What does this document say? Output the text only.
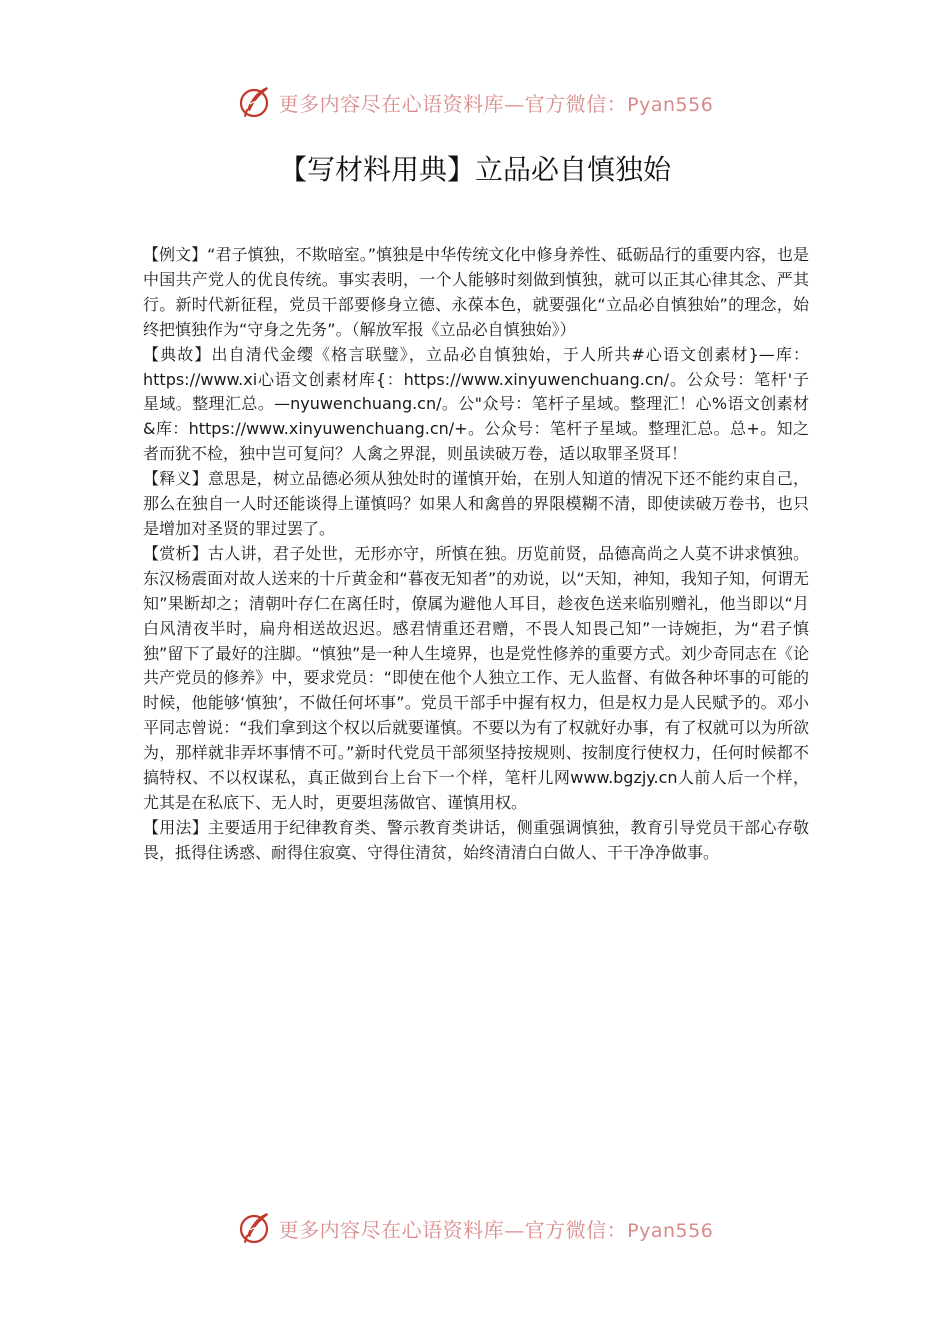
更多内容尽在心语资料库—官方微信：Pyan556
【写材料用典】立品必自慎独始

【例文】“君子慎独，不欺暗室。”慎独是中华传统文化中修身养性、砥砺品行的重要内容，也是中国共产党人的优良传统。事实表明，一个人能够时刻做到慎独，就可以正其心律其念、严其行。新时代新征程，党员干部要修身立德、永葆本色，就要强化“立品必自慎独始”的理念，始终把慎独作为“守身之先务”。（解放军报《立品必自慎独始》）

【典故】出自清代金缨《格言联璧》，立品必自慎独始，于人所共#心语文创素材}—库：https://www.xi心语文创素材库{：https://www.xinyuwenchuang.cn/。公众号：笔杆'子星域。整理汇总。—nyuwenchuang.cn/。公"众号：笔杆子星域。整理汇！心%语文创素材&库：https://www.xinyuwenchuang.cn/+。公众号：笔杆子星域。整理汇总。总+。知之者而犹不检，独中岂可复问？人禽之界混，则虽读破万卷，适以取罪圣贤耳！

【释义】意思是，树立品德必须从独处时的谨慎开始，在别人知道的情况下还不能约束自己，那么在独自一人时还能谈得上谨慎吗？如果人和禽兽的界限模糊不清，即使读破万卷书，也只是增加对圣贤的罪过罢了。

【赏析】古人讲，君子处世，无形亦守，所慎在独。历览前贤，品德高尚之人莫不讲求慎独。东汉杨震面对故人送来的十斤黄金和“暮夜无知者”的劝说，以“天知，神知，我知子知，何谓无知”果断却之；清朝叶存仁在离任时，僚属为避他人耳目，趁夜色送来临别赠礼，他当即以“月白风清夜半时，扁舟相送故迟迟。感君情重还君赠，不畏人知畏己知”一诗婉拒，为“君子慎独”留下了最好的注脚。“慎独”是一种人生境界，也是党性修养的重要方式。刘少奇同志在《论共产党员的修养》中，要求党员：“即使在他个人独立工作、无人监督、有做各种坏事的可能的时候，他能够‘慎独’，不做任何坏事”。党员干部手中握有权力，但是权力是人民赋予的。邓小平同志曾说：“我们拿到这个权以后就要谨慎。不要以为有了权就好办事，有了权就可以为所欲为，那样就非弄坏事情不可。”新时代党员干部须坚持按规则、按制度行使权力，任何时候都不搞特权、不以权谋私，真正做到台上台下一个样，笔杆儿网www.bgzjy.cn人前人后一个样，尤其是在私底下、无人时，更要坦荡做官、谨慎用权。

【用法】主要适用于纪律教育类、警示教育类讲话，侧重强调慎独，教育引导党员干部心存敬畏，抵得住诱惑、耐得住寂寞、守得住清贫，始终清清白白做人、干干净净做事。

更多内容尽在心语资料库—官方微信：Pyan556
